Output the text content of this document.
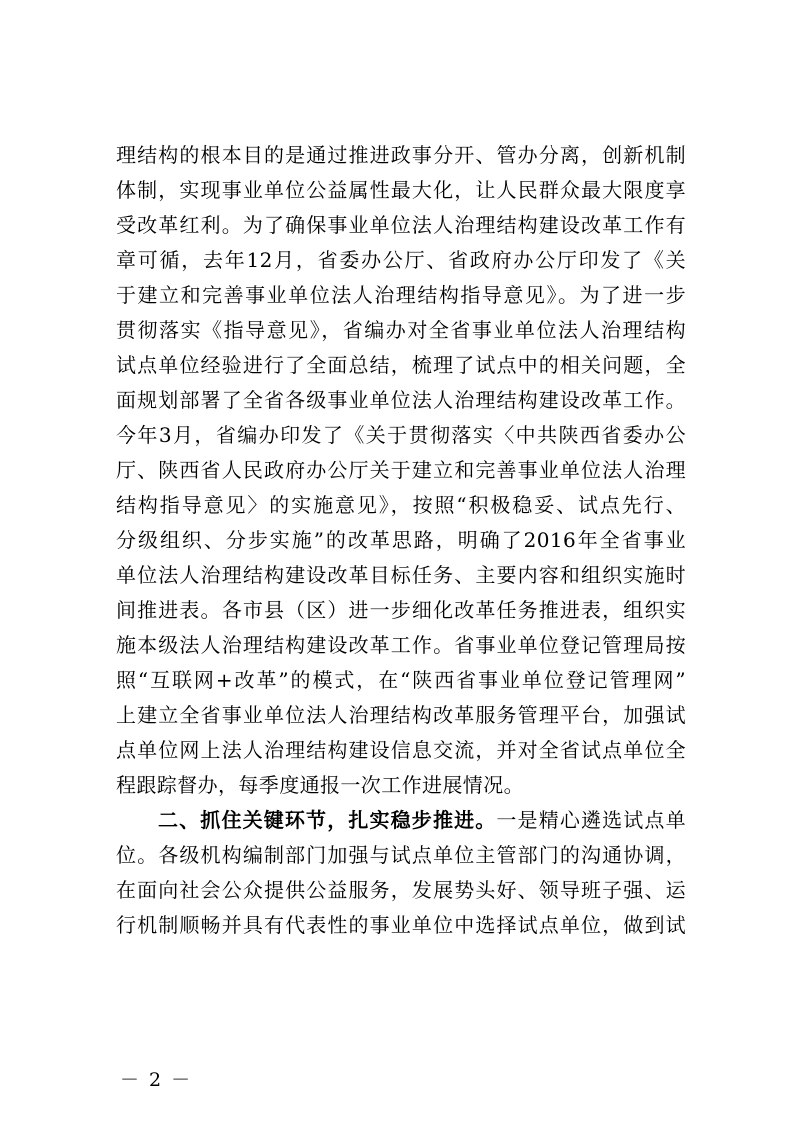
理结构的根本目的是通过推进政事分开、管办分离，创新机制
体制，实现事业单位公益属性最大化，让人民群众最大限度享
受改革红利。为了确保事业单位法人治理结构建设改革工作有
章可循，去年12月，省委办公厅、省政府办公厅印发了《关
于建立和完善事业单位法人治理结构指导意见》。为了进一步
贯彻落实《指导意见》，省编办对全省事业单位法人治理结构
试点单位经验进行了全面总结，梳理了试点中的相关问题，全
面规划部署了全省各级事业单位法人治理结构建设改革工作。
今年3月，省编办印发了《关于贯彻落实〈中共陕西省委办公
厅、陕西省人民政府办公厅关于建立和完善事业单位法人治理
结构指导意见〉的实施意见》，按照“积极稳妥、试点先行、
分级组织、分步实施”的改革思路，明确了2016年全省事业
单位法人治理结构建设改革目标任务、主要内容和组织实施时
间推进表。各市县（区）进一步细化改革任务推进表，组织实
施本级法人治理结构建设改革工作。省事业单位登记管理局按
照“互联网+改革”的模式，在“陕西省事业单位登记管理网”
上建立全省事业单位法人治理结构改革服务管理平台，加强试
点单位网上法人治理结构建设信息交流，并对全省试点单位全
程跟踪督办，每季度通报一次工作进展情况。
二、抓住关键环节，扎实稳步推进。一是精心遴选试点单
位。各级机构编制部门加强与试点单位主管部门的沟通协调，
在面向社会公众提供公益服务，发展势头好、领导班子强、运
行机制顺畅并具有代表性的事业单位中选择试点单位，做到试
－ 2 －
